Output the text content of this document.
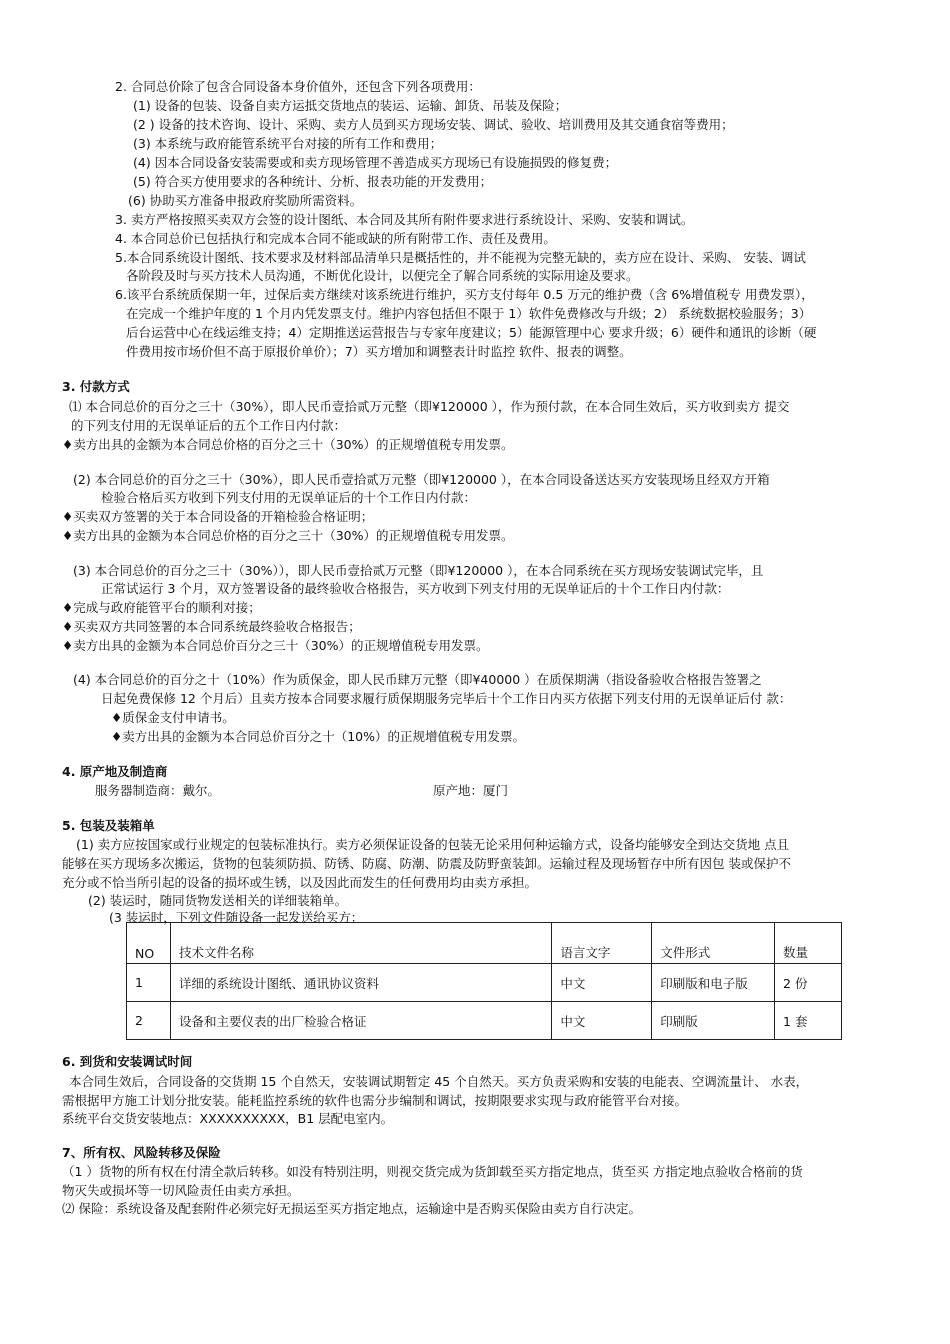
2. 合同总价除了包含合同设备本身价值外，还包含下列各项费用：
(1) 设备的包装、设备自卖方运抵交货地点的装运、运输、卸货、吊装及保险；
(2 ) 设备的技术咨询、设计、采购、卖方人员到买方现场安装、调试、验收、培训费用及其交通食宿等费用；
(3) 本系统与政府能管系统平台对接的所有工作和费用；
(4) 因本合同设备安装需要或和卖方现场管理不善造成买方现场已有设施损毁的修复费；
(5) 符合买方使用要求的各种统计、分析、报表功能的开发费用；
(6) 协助买方准备申报政府奖励所需资料。
3. 卖方严格按照买卖双方会签的设计图纸、本合同及其所有附件要求进行系统设计、采购、安装和调试。
4. 本合同总价已包括执行和完成本合同不能或缺的所有附带工作、责任及费用。
5.本合同系统设计图纸、技术要求及材料部品清单只是概括性的，并不能视为完整无缺的，卖方应在设计、采购、 安装、调试
各阶段及时与买方技术人员沟通，不断优化设计，以便完全了解合同系统的实际用途及要求。
6.该平台系统质保期一年，过保后卖方继续对该系统进行维护，买方支付每年 0.5 万元的维护费（含 6%增值税专 用费发票），
在完成一个维护年度的 1 个月内凭发票支付。维护内容包括但不限于 1）软件免费修改与升级；2） 系统数据校验服务；3）
后台运营中心在线运维支持；4）定期推送运营报告与专家年度建议；5）能源管理中心 要求升级；6）硬件和通讯的诊断（硬
件费用按市场价但不高于原报价单价）；7）买方增加和调整表计时监控 软件、报表的调整。
3. 付款方式
⑴ 本合同总价的百分之三十（30%），即人民币壹拾贰万元整（即¥120000 ），作为预付款，在本合同生效后，买方收到卖方 提交
的下列支付用的无误单证后的五个工作日内付款：
♦卖方出具的金额为本合同总价格的百分之三十（30%）的正规增值税专用发票。
(2) 本合同总价的百分之三十（30%），即人民币壹拾贰万元整（即¥120000 ），在本合同设备送达买方安装现场且经双方开箱
检验合格后买方收到下列支付用的无误单证后的十个工作日内付款：
♦买卖双方签署的关于本合同设备的开箱检验合格证明；
♦卖方出具的金额为本合同总价格的百分之三十（30%）的正规增值税专用发票。
(3) 本合同总价的百分之三十（30%）），即人民币壹拾贰万元整（即¥120000 ），在本合同系统在买方现场安装调试完毕，且
正常试运行 3 个月，双方签署设备的最终验收合格报告，买方收到下列支付用的无误单证后的十个工作日内付款：
♦完成与政府能管平台的顺利对接；
♦买卖双方共同签署的本合同系统最终验收合格报告；
♦卖方出具的金额为本合同总价百分之三十（30%）的正规增值税专用发票。
(4) 本合同总价的百分之十（10%）作为质保金，即人民币肆万元整（即¥40000 ）在质保期满（指设备验收合格报告签署之
日起免费保修 12 个月后）且卖方按本合同要求履行质保期服务完毕后十个工作日内买方依据下列支付用的无误单证后付 款：
♦质保金支付申请书。
♦卖方出具的金额为本合同总价百分之十（10%）的正规增值税专用发票。
4. 原产地及制造商
服务器制造商：戴尔。	原产地：厦门
5. 包装及装箱单
(1) 卖方应按国家或行业规定的包装标准执行。卖方必须保证设备的包装无论采用何种运输方式，设备均能够安全到达交货地 点且
能够在买方现场多次搬运，货物的包装须防损、防锈、防腐、防潮、防震及防野蛮装卸。运输过程及现场暂存中所有因包 装或保护不
充分或不恰当所引起的设备的损坏或生锈，以及因此而发生的任何费用均由卖方承担。
(2) 装运时，随同货物发送相关的详细装箱单。
(3 装运时，下列文件随设备一起发送给买方：
NO	技术文件名称	语言文字	文件形式	数量
1	详细的系统设计图纸、通讯协议资料	中文	印刷版和电子版	2 份
2	设备和主要仪表的出厂检验合格证	中文	印刷版	1 套
6. 到货和安装调试时间
本合同生效后，合同设备的交货期 15 个自然天，安装调试期暂定 45 个自然天。买方负责采购和安装的电能表、空调流量计、 水表，
需根据甲方施工计划分批安装。能耗监控系统的软件也需分步编制和调试，按期限要求实现与政府能管平台对接。
系统平台交货安装地点：XXXXXXXXXX，B1 层配电室内。
7、所有权、风险转移及保险
（1 ）货物的所有权在付清全款后转移。如没有特别注明，则视交货完成为货卸载至买方指定地点，货至买 方指定地点验收合格前的货
物灭失或损坏等一切风险责任由卖方承担。
⑵ 保险：系统设备及配套附件必须完好无损运至买方指定地点，运输途中是否购买保险由卖方自行决定。
